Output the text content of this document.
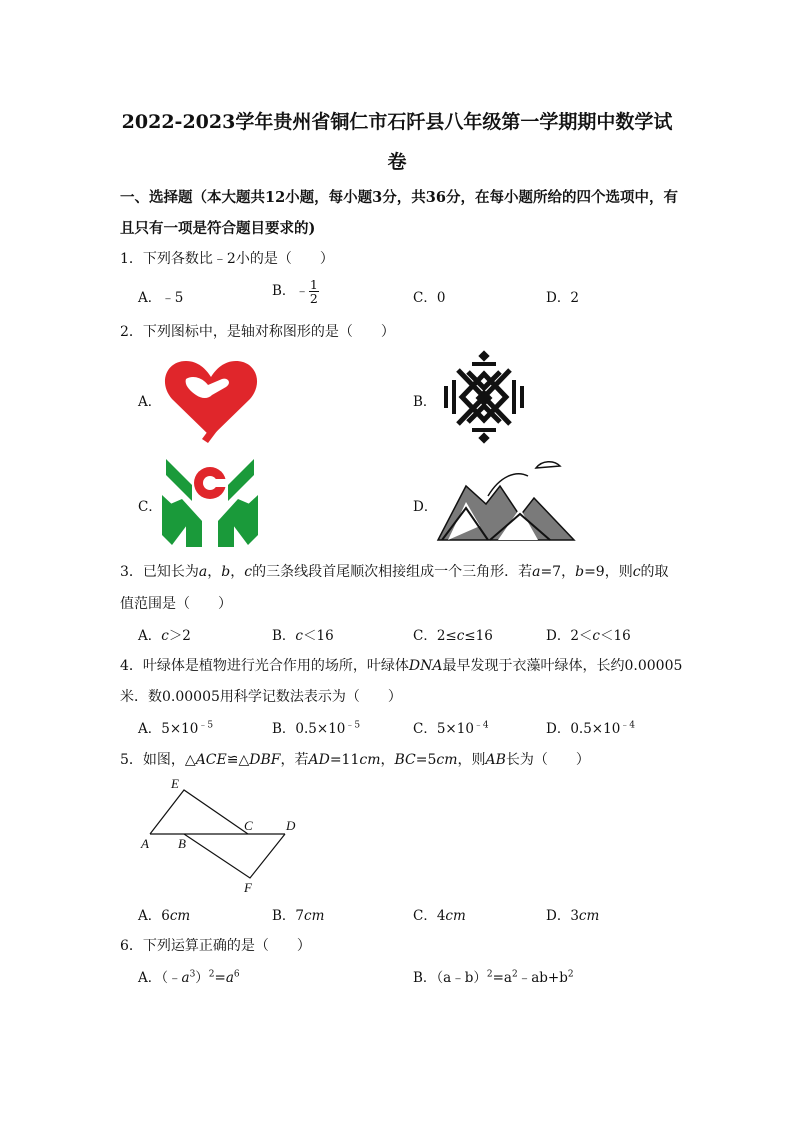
2022-2023学年贵州省铜仁市石阡县八年级第一学期期中数学试
卷
一、选择题（本大题共12小题，每小题3分，共36分，在每小题所给的四个选项中，有
且只有一项是符合题目要求的)
1．下列各数比﹣2小的是（　　）
A．﹣5	B．﹣ $\frac{1}{2}$	C．0	D．2
2．下列图标中，是轴对称图形的是（　　）
A．	B．
C．	D．
3．已知长为a，b，c的三条线段首尾顺次相接组成一个三角形．若a=7，b=9，则c的取
值范围是（　　）
A．c＞2	B．c＜16	C．2≤c≤16	D．2＜c＜16
4．叶绿体是植物进行光合作用的场所，叶绿体DNA最早发现于衣藻叶绿体，长约0.00005
米．数0.00005用科学记数法表示为（　　）
A．$5\times 10^{﹣5}$	B．$0.5\times 10^{﹣5}$	C．$5\times 10^{﹣4}$	D．$0.5\times 10^{﹣4}$
5．如图，△ACE≌△DBF，若AD=11cm，BC=5cm，则AB长为（　　）
E
C	D
A B
F
A．6cm	B．7cm	C．4cm	D．3cm
6．下列运算正确的是（　　）
A．$(﹣a^3)^2=a^6$	B．$(a﹣b)^2=a^2﹣ab+b^2$
